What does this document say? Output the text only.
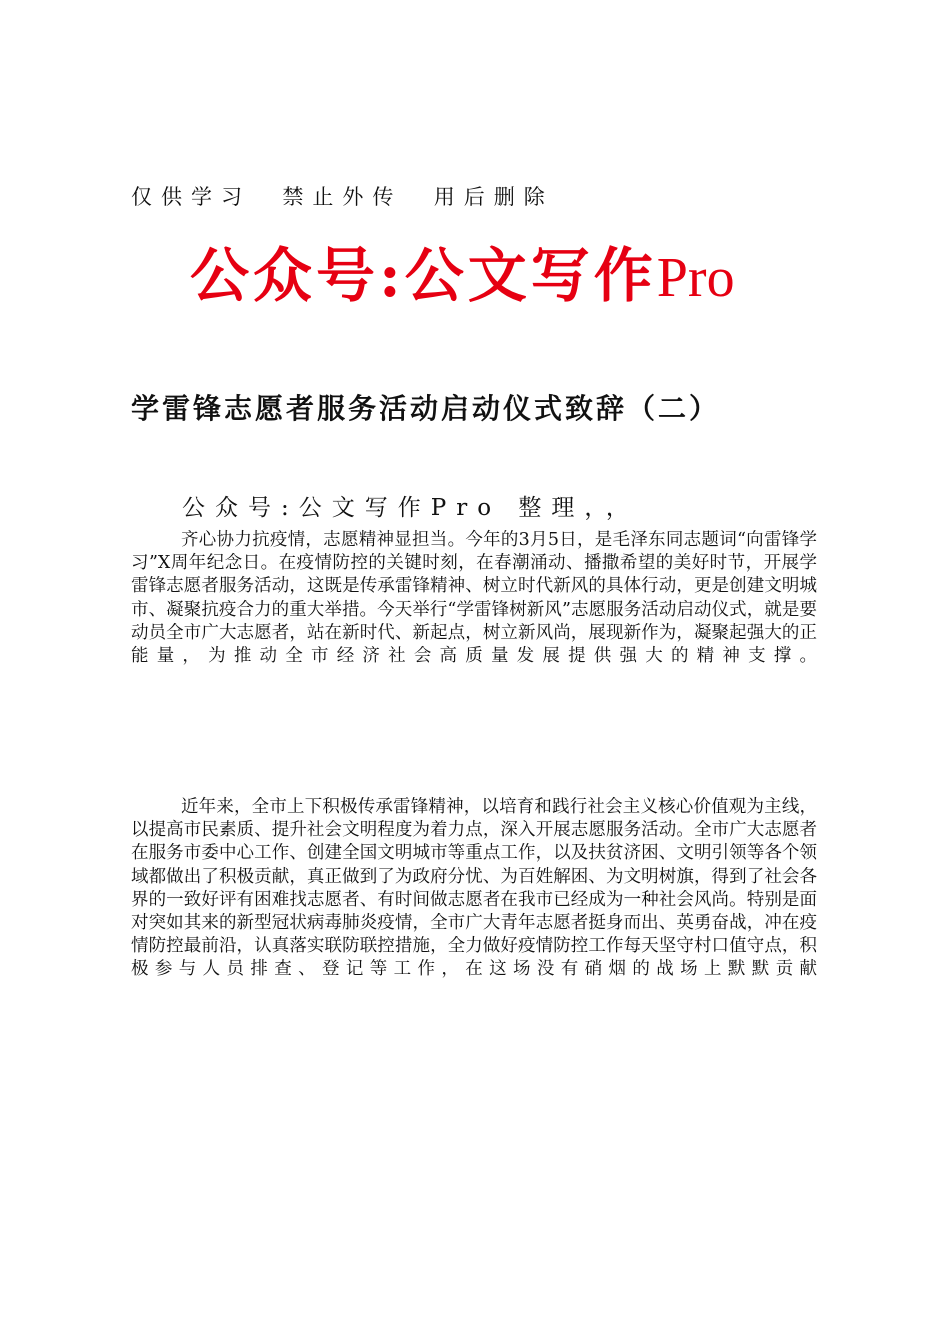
仅供学习  禁止外传  用后删除
公众号:公文写作Pro
学雷锋志愿者服务活动启动仪式致辞（二）
公众号:公文写作Pro 整理，，

齐心协力抗疫情，志愿精神显担当。今年的3月5日，是毛泽东同志题词“向雷锋学习”X周年纪念日。在疫情防控的关键时刻，在春潮涌动、播撒希望的美好时节，开展学雷锋志愿者服务活动，这既是传承雷锋精神、树立时代新风的具体行动，更是创建文明城市、凝聚抗疫合力的重大举措。今天举行“学雷锋树新风”志愿服务活动启动仪式，就是要动员全市广大志愿者，站在新时代、新起点，树立新风尚，展现新作为，凝聚起强大的正能量，为推动全市经济社会高质量发展提供强大的精神支撑。

近年来，全市上下积极传承雷锋精神，以培育和践行社会主义核心价值观为主线，以提高市民素质、提升社会文明程度为着力点，深入开展志愿服务活动。全市广大志愿者在服务市委中心工作、创建全国文明城市等重点工作，以及扶贫济困、文明引领等各个领域都做出了积极贡献，真正做到了为政府分忧、为百姓解困、为文明树旗，得到了社会各界的一致好评有困难找志愿者、有时间做志愿者在我市已经成为一种社会风尚。特别是面对突如其来的新型冠状病毒肺炎疫情，全市广大青年志愿者挺身而出、英勇奋战，冲在疫情防控最前沿，认真落实联防联控措施，全力做好疫情防控工作每天坚守村口值守点，积极参与人员排查、登记等工作，在这场没有硝烟的战场上默默贡献
